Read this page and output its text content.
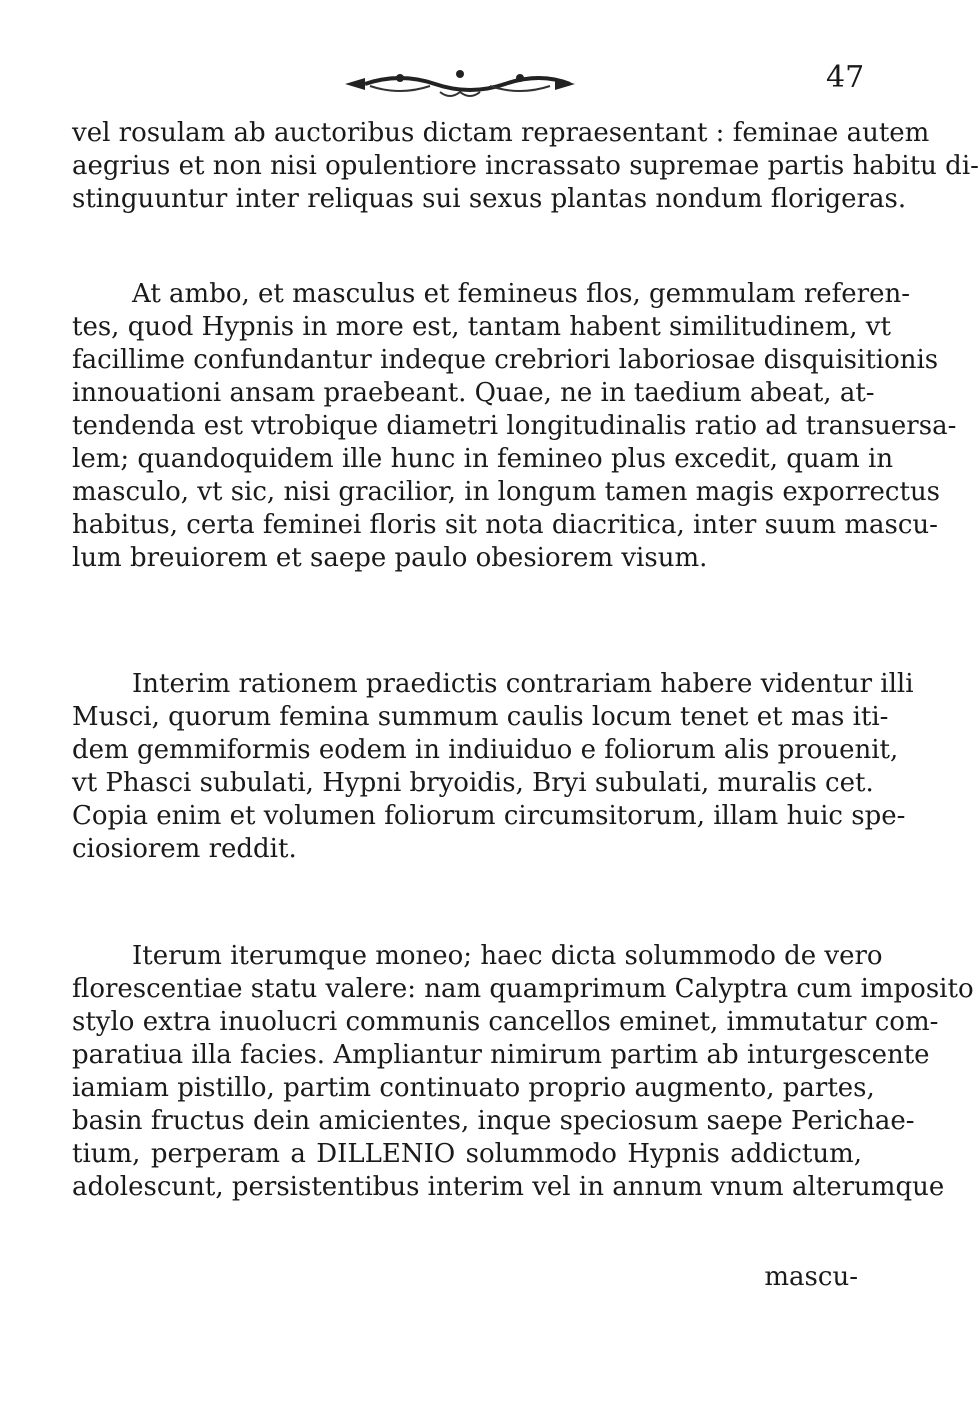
47
vel rosulam ab auctoribus dictam repraesentant : feminae autem
aegrius et non nisi opulentiore incrassato supremae partis habitu di-
stinguuntur inter reliquas sui sexus plantas nondum florigeras.
At ambo, et masculus et femineus flos, gemmulam referen-
tes, quod Hypnis in more est, tantam habent similitudinem, vt
facillime confundantur indeque crebriori laboriosae disquisitionis
innouationi ansam praebeant. Quae, ne in taedium abeat, at-
tendenda est vtrobique diametri longitudinalis ratio ad transuersa-
lem; quandoquidem ille hunc in femineo plus excedit, quam in
masculo, vt sic, nisi gracilior, in longum tamen magis exporrectus
habitus, certa feminei floris sit nota diacritica, inter suum mascu-
lum breuiorem et saepe paulo obesiorem visum.
Interim rationem praedictis contrariam habere videntur illi
Musci, quorum femina summum caulis locum tenet et mas iti-
dem gemmiformis eodem in indiuiduo e foliorum alis prouenit,
vt Phasci subulati, Hypni bryoidis, Bryi subulati, muralis cet.
Copia enim et volumen foliorum circumsitorum, illam huic spe-
ciosiorem reddit.
Iterum iterumque moneo; haec dicta solummodo de vero
florescentiae statu valere: nam quamprimum Calyptra cum imposito
stylo extra inuolucri communis cancellos eminet, immutatur com-
paratiua illa facies. Ampliantur nimirum partim ab inturgescente
iamiam pistillo, partim continuato proprio augmento, partes,
basin fructus dein amicientes, inque speciosum saepe Perichae-
tium, perperam a DILLENIO solummodo Hypnis addictum,
adolescunt, persistentibus interim vel in annum vnum alterumque
mascu-
